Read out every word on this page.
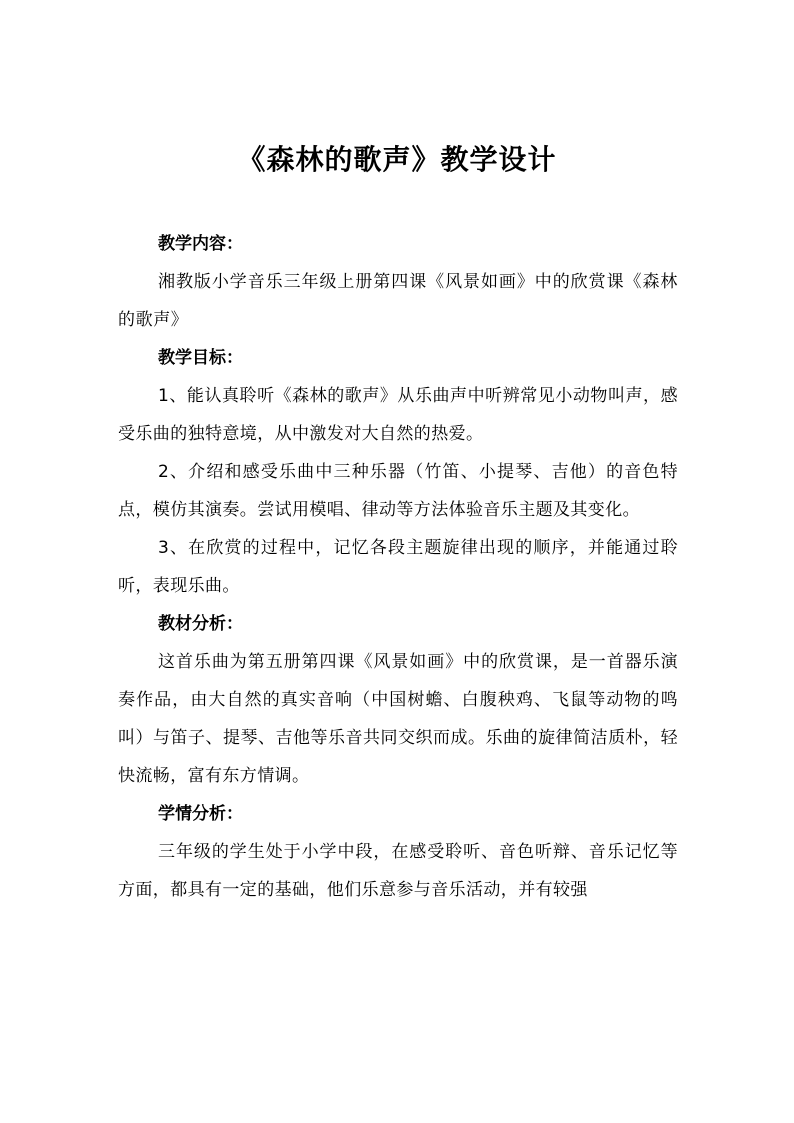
《森林的歌声》教学设计

教学内容：

湘教版小学音乐三年级上册第四课《风景如画》中的欣赏课《森林的歌声》

教学目标：

1、能认真聆听《森林的歌声》从乐曲声中听辨常见小动物叫声，感受乐曲的独特意境，从中激发对大自然的热爱。

2、介绍和感受乐曲中三种乐器（竹笛、小提琴、吉他）的音色特点，模仿其演奏。尝试用模唱、律动等方法体验音乐主题及其变化。

3、在欣赏的过程中，记忆各段主题旋律出现的顺序，并能通过聆听，表现乐曲。

教材分析：

这首乐曲为第五册第四课《风景如画》中的欣赏课，是一首器乐演奏作品，由大自然的真实音响（中国树蟾、白腹秧鸡、飞鼠等动物的鸣叫）与笛子、提琴、吉他等乐音共同交织而成。乐曲的旋律简洁质朴，轻快流畅，富有东方情调。

学情分析：

三年级的学生处于小学中段，在感受聆听、音色听辩、音乐记忆等方面，都具有一定的基础，他们乐意参与音乐活动，并有较强
